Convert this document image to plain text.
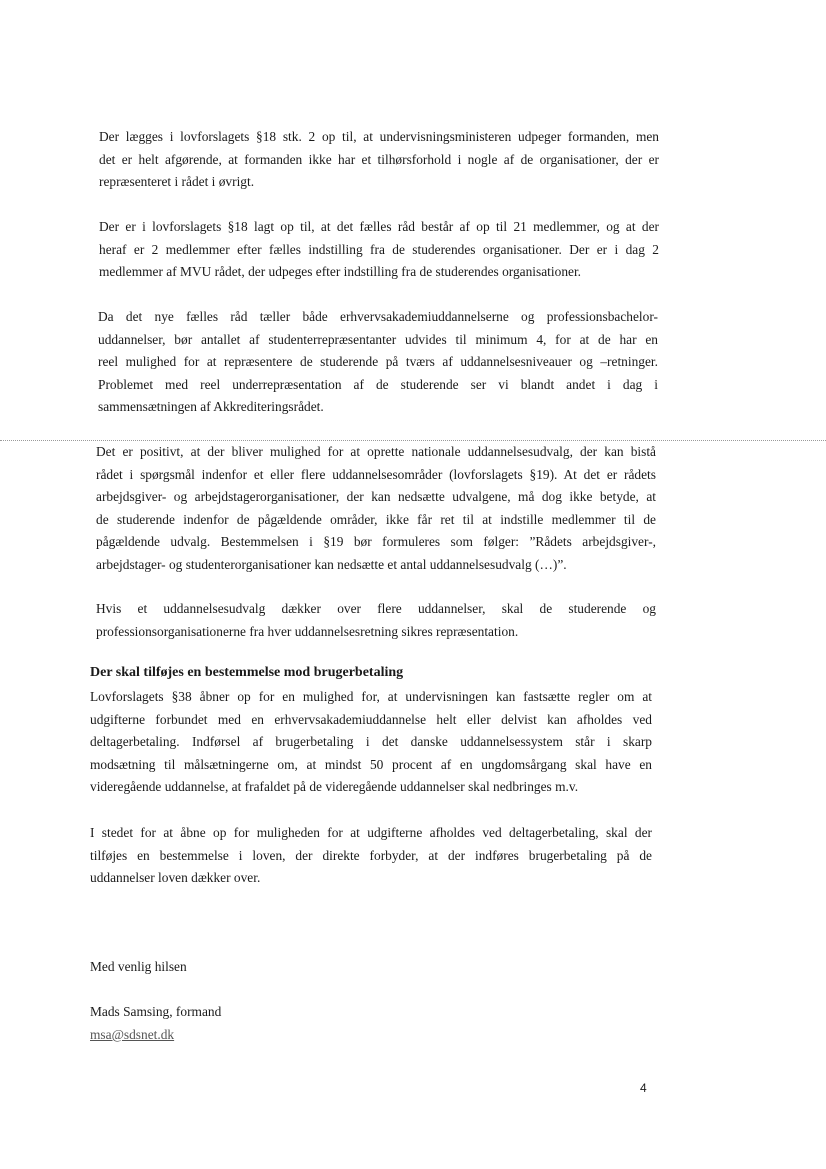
Der lægges i lovforslagets §18 stk. 2 op til, at undervisningsministeren udpeger formanden, men
det er helt afgørende, at formanden ikke har et tilhørsforhold i nogle af de organisationer, der er
repræsenteret i rådet i øvrigt.
Der er i lovforslagets §18 lagt op til, at det fælles råd består af op til 21 medlemmer, og at der
heraf er 2 medlemmer efter fælles indstilling fra de studerendes organisationer. Der er i dag 2
medlemmer af MVU rådet, der udpeges efter indstilling fra de studerendes organisationer.
Da det nye fælles råd tæller både erhvervsakademiuddannelserne og professionsbachelor-
uddannelser, bør antallet af studenterrepræsentanter udvides til minimum 4, for at de har en
reel mulighed for at repræsentere de studerende på tværs af uddannelsesniveauer og –retninger.
Problemet med reel underrepræsentation af de studerende ser vi blandt andet i dag i
sammensætningen af Akkrediteringsrådet.
Det er positivt, at der bliver mulighed for at oprette nationale uddannelsesudvalg, der kan bistå
rådet i spørgsmål indenfor et eller flere uddannelsesområder (lovforslagets §19). At det er rådets
arbejdsgiver- og arbejdstagerorganisationer, der kan nedsætte udvalgene, må dog ikke betyde, at
de studerende indenfor de pågældende områder, ikke får ret til at indstille medlemmer til de
pågældende udvalg. Bestemmelsen i §19 bør formuleres som følger: ”Rådets arbejdsgiver-,
arbejdstager- og studenterorganisationer kan nedsætte et antal uddannelsesudvalg (…)”.
Hvis et uddannelsesudvalg dækker over flere uddannelser, skal de studerende og
professionsorganisationerne fra hver uddannelsesretning sikres repræsentation.

Der skal tilføjes en bestemmelse mod brugerbetaling

Lovforslagets §38 åbner op for en mulighed for, at undervisningen kan fastsætte regler om at
udgifterne forbundet med en erhvervsakademiuddannelse helt eller delvist kan afholdes ved
deltagerbetaling. Indførsel af brugerbetaling i det danske uddannelsessystem står i skarp
modsætning til målsætningerne om, at mindst 50 procent af en ungdomsårgang skal have en
videregående uddannelse, at frafaldet på de videregående uddannelser skal nedbringes m.v.
I stedet for at åbne op for muligheden for at udgifterne afholdes ved deltagerbetaling, skal der
tilføjes en bestemmelse i loven, der direkte forbyder, at der indføres brugerbetaling på de
uddannelser loven dækker over.
Med venlig hilsen
Mads Samsing, formand
msa@sdsnet.dk
4
